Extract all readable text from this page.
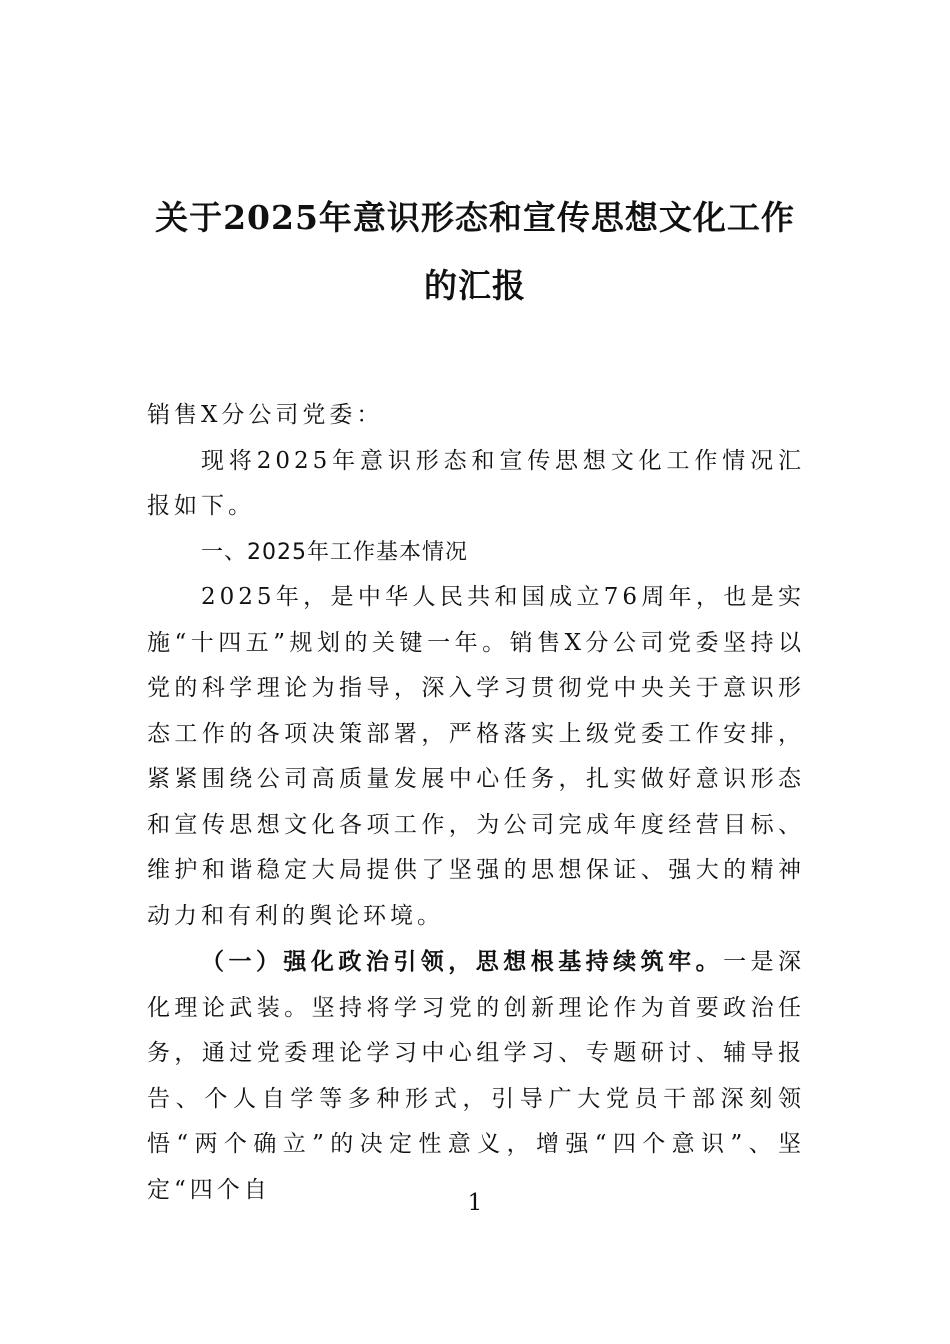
关于2025年意识形态和宣传思想文化工作
的汇报

销售X分公司党委：

现将2025年意识形态和宣传思想文化工作情况汇报如下。

一、2025年工作基本情况

2025年，是中华人民共和国成立76周年，也是实施“十四五”规划的关键一年。销售X分公司党委坚持以党的科学理论为指导，深入学习贯彻党中央关于意识形态工作的各项决策部署，严格落实上级党委工作安排，紧紧围绕公司高质量发展中心任务，扎实做好意识形态和宣传思想文化各项工作，为公司完成年度经营目标、维护和谐稳定大局提供了坚强的思想保证、强大的精神动力和有利的舆论环境。

（一）强化政治引领，思想根基持续筑牢。一是深化理论武装。坚持将学习党的创新理论作为首要政治任务，通过党委理论学习中心组学习、专题研讨、辅导报告、个人自学等多种形式，引导广大党员干部深刻领悟“两个确立”的决定性意义，增强“四个意识”、坚定“四个自

1
